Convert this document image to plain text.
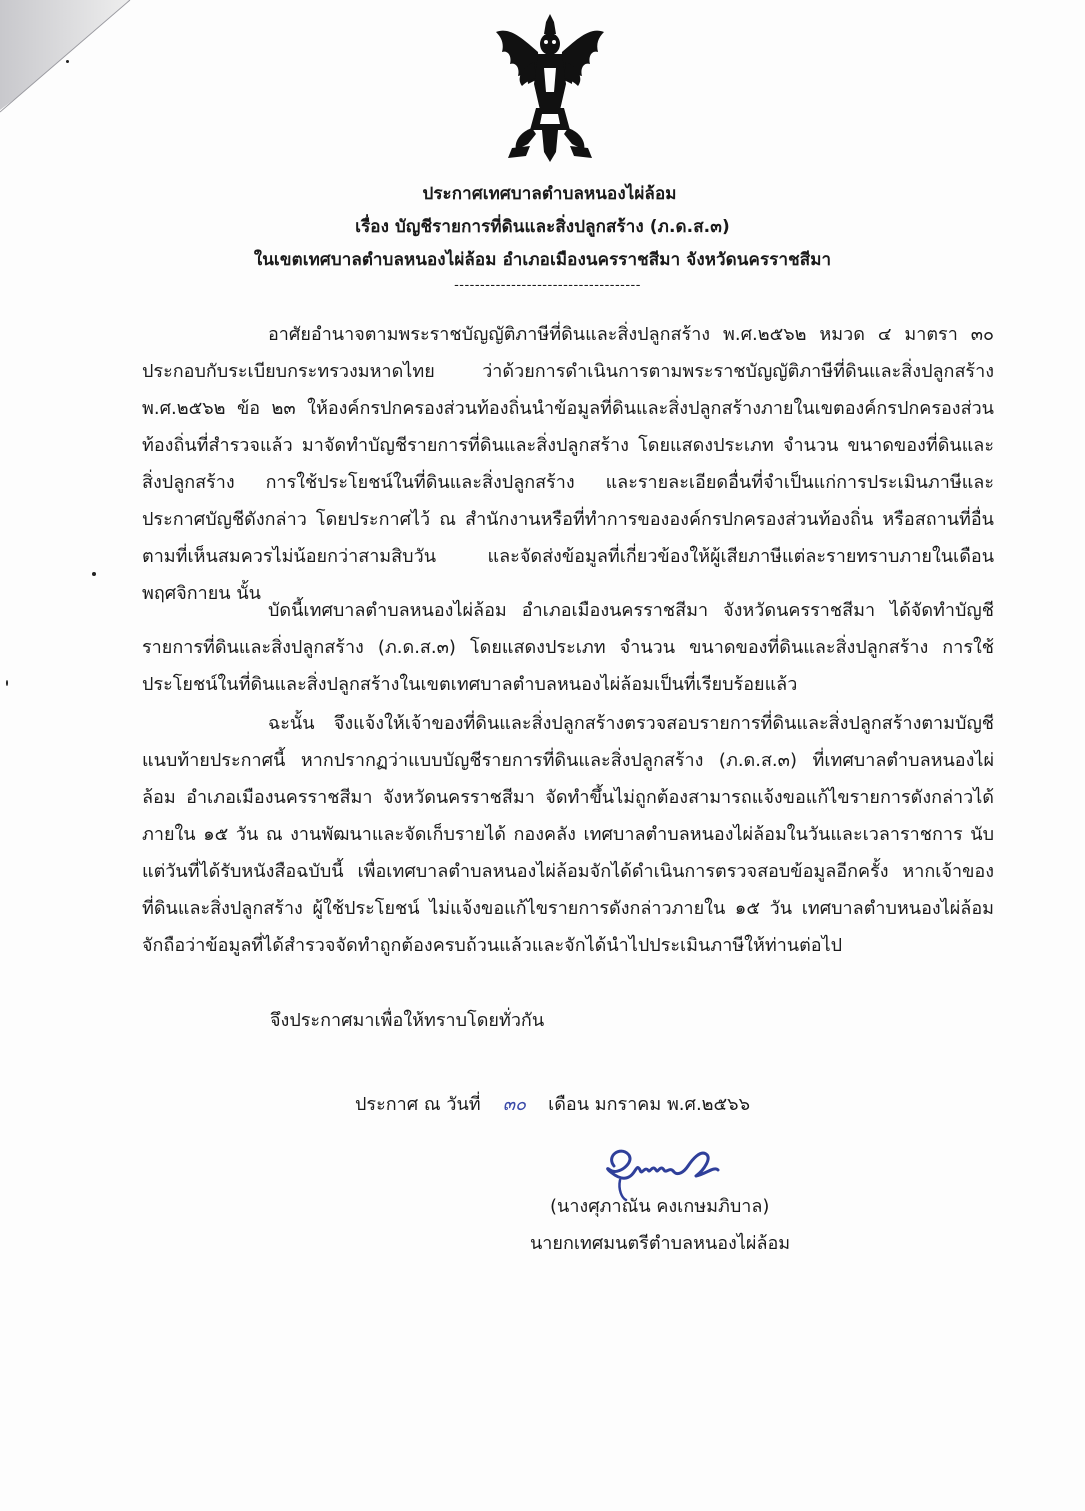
ประกาศเทศบาลตำบลหนองไผ่ล้อม
เรื่อง บัญชีรายการที่ดินและสิ่งปลูกสร้าง (ภ.ด.ส.๓)
ในเขตเทศบาลตำบลหนองไผ่ล้อม อำเภอเมืองนครราชสีมา จังหวัดนครราชสีมา
------------------------------------

อาศัยอำนาจตามพระราชบัญญัติภาษีที่ดินและสิ่งปลูกสร้าง พ.ศ.๒๕๖๒ หมวด ๔ มาตรา ๓๐ ประกอบกับระเบียบกระทรวงมหาดไทย ว่าด้วยการดำเนินการตามพระราชบัญญัติภาษีที่ดินและสิ่งปลูกสร้าง พ.ศ.๒๕๖๒ ข้อ ๒๓ ให้องค์กรปกครองส่วนท้องถิ่นนำข้อมูลที่ดินและสิ่งปลูกสร้างภายในเขตองค์กรปกครองส่วนท้องถิ่นที่สำรวจแล้ว มาจัดทำบัญชีรายการที่ดินและสิ่งปลูกสร้าง โดยแสดงประเภท จำนวน ขนาดของที่ดินและสิ่งปลูกสร้าง การใช้ประโยชน์ในที่ดินและสิ่งปลูกสร้าง และรายละเอียดอื่นที่จำเป็นแก่การประเมินภาษีและประกาศบัญชีดังกล่าว โดยประกาศไว้ ณ สำนักงานหรือที่ทำการขององค์กรปกครองส่วนท้องถิ่น หรือสถานที่อื่นตามที่เห็นสมควรไม่น้อยกว่าสามสิบวัน และจัดส่งข้อมูลที่เกี่ยวข้องให้ผู้เสียภาษีแต่ละรายทราบภายในเดือนพฤศจิกายน นั้น

บัดนี้เทศบาลตำบลหนองไผ่ล้อม อำเภอเมืองนครราชสีมา จังหวัดนครราชสีมา ได้จัดทำบัญชีรายการที่ดินและสิ่งปลูกสร้าง (ภ.ด.ส.๓) โดยแสดงประเภท จำนวน ขนาดของที่ดินและสิ่งปลูกสร้าง การใช้ประโยชน์ในที่ดินและสิ่งปลูกสร้างในเขตเทศบาลตำบลหนองไผ่ล้อมเป็นที่เรียบร้อยแล้ว

ฉะนั้น จึงแจ้งให้เจ้าของที่ดินและสิ่งปลูกสร้างตรวจสอบรายการที่ดินและสิ่งปลูกสร้างตามบัญชีแนบท้ายประกาศนี้ หากปรากฏว่าแบบบัญชีรายการที่ดินและสิ่งปลูกสร้าง (ภ.ด.ส.๓) ที่เทศบาลตำบลหนองไผ่ล้อม อำเภอเมืองนครราชสีมา จังหวัดนครราชสีมา จัดทำขึ้นไม่ถูกต้องสามารถแจ้งขอแก้ไขรายการดังกล่าวได้ภายใน ๑๕ วัน ณ งานพัฒนาและจัดเก็บรายได้ กองคลัง เทศบาลตำบลหนองไผ่ล้อมในวันและเวลาราชการ นับแต่วันที่ได้รับหนังสือฉบับนี้ เพื่อเทศบาลตำบลหนองไผ่ล้อมจักได้ดำเนินการตรวจสอบข้อมูลอีกครั้ง หากเจ้าของที่ดินและสิ่งปลูกสร้าง ผู้ใช้ประโยชน์ ไม่แจ้งขอแก้ไขรายการดังกล่าวภายใน ๑๕ วัน เทศบาลตำบหนองไผ่ล้อม จักถือว่าข้อมูลที่ได้สำรวจจัดทำถูกต้องครบถ้วนแล้วและจักได้นำไปประเมินภาษีให้ท่านต่อไป

จึงประกาศมาเพื่อให้ทราบโดยทั่วกัน
ประกาศ ณ วันที่ ๓๐ เดือน มกราคม พ.ศ.๒๕๖๖
(นางศุภาณัน คงเกษมภิบาล)
นายกเทศมนตรีตำบลหนองไผ่ล้อม
